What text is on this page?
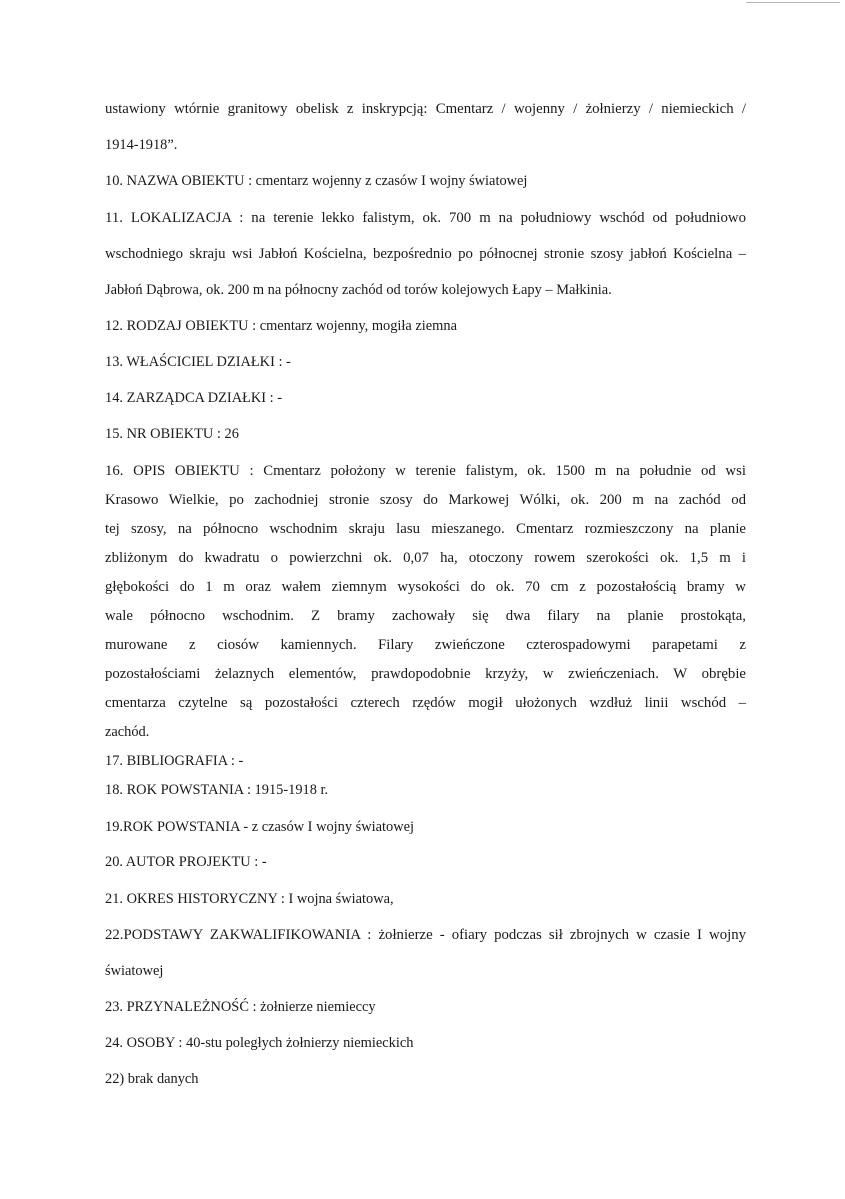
ustawiony wtórnie granitowy obelisk z inskrypcją: Cmentarz / wojenny / żołnierzy / niemieckich /
1914-1918”.
10. NAZWA OBIEKTU : cmentarz wojenny z czasów I wojny światowej
11. LOKALIZACJA : na terenie lekko falistym, ok. 700 m na południowy wschód od południowo
wschodniego skraju wsi Jabłoń Kościelna, bezpośrednio po północnej stronie szosy jabłoń Kościelna –
Jabłoń Dąbrowa, ok. 200 m na północny zachód od torów kolejowych Łapy – Małkinia.
12. RODZAJ OBIEKTU : cmentarz wojenny, mogiła ziemna
13. WŁAŚCICIEL DZIAŁKI : -
14. ZARZĄDCA DZIAŁKI : -
15. NR OBIEKTU : 26
16. OPIS OBIEKTU : Cmentarz położony w terenie falistym, ok. 1500 m na południe od wsi
Krasowo Wielkie, po zachodniej stronie szosy do Markowej Wólki, ok. 200 m na zachód od
tej szosy, na północno wschodnim skraju lasu mieszanego. Cmentarz rozmieszczony na planie
zbliżonym do kwadratu o powierzchni ok. 0,07 ha, otoczony rowem szerokości ok. 1,5 m i
głębokości do 1 m oraz wałem ziemnym wysokości do ok. 70 cm z pozostałością bramy w
wale północno wschodnim. Z bramy zachowały się dwa filary na planie prostokąta,
murowane z ciosów kamiennych. Filary zwieńczone czterospadowymi parapetami z
pozostałościami żelaznych elementów, prawdopodobnie krzyży, w zwieńczeniach. W obrębie
cmentarza czytelne są pozostałości czterech rzędów mogił ułożonych wzdłuż linii wschód –
zachód.
17. BIBLIOGRAFIA : -
18. ROK POWSTANIA : 1915-1918 r.
19.ROK POWSTANIA - z czasów I wojny światowej
20. AUTOR PROJEKTU : -
21. OKRES HISTORYCZNY : I wojna światowa,
22.PODSTAWY ZAKWALIFIKOWANIA : żołnierze - ofiary podczas sił zbrojnych w czasie I wojny
światowej
23. PRZYNALEŻNOŚĆ : żołnierze niemieccy
24. OSOBY : 40-stu poległych żołnierzy niemieckich
22) brak danych
